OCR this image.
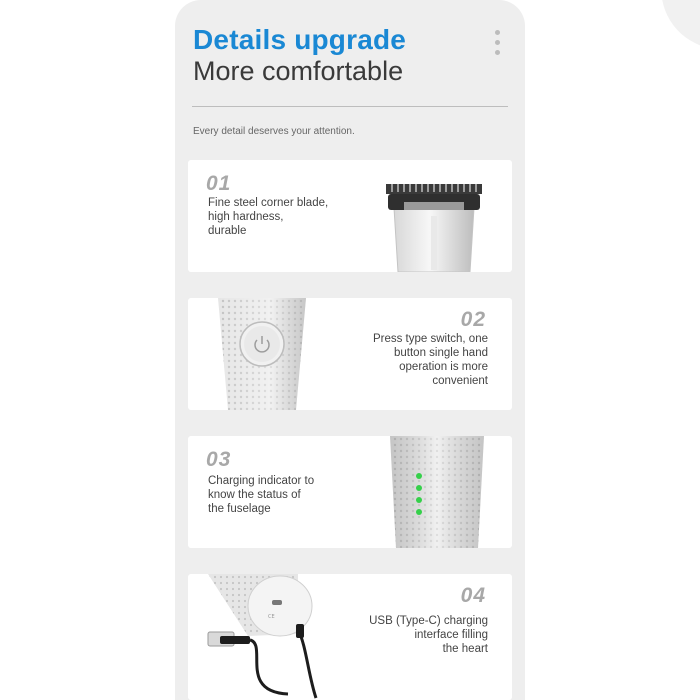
Details upgrade
More comfortable
Every detail deserves your attention.
01
Fine steel corner blade,
high hardness,
durable
02
Press type switch, one
button single hand
operation is more
convenient
03
Charging indicator to
know the status of
the fuselage
CE
04
USB (Type-C) charging
interface filling
the heart
